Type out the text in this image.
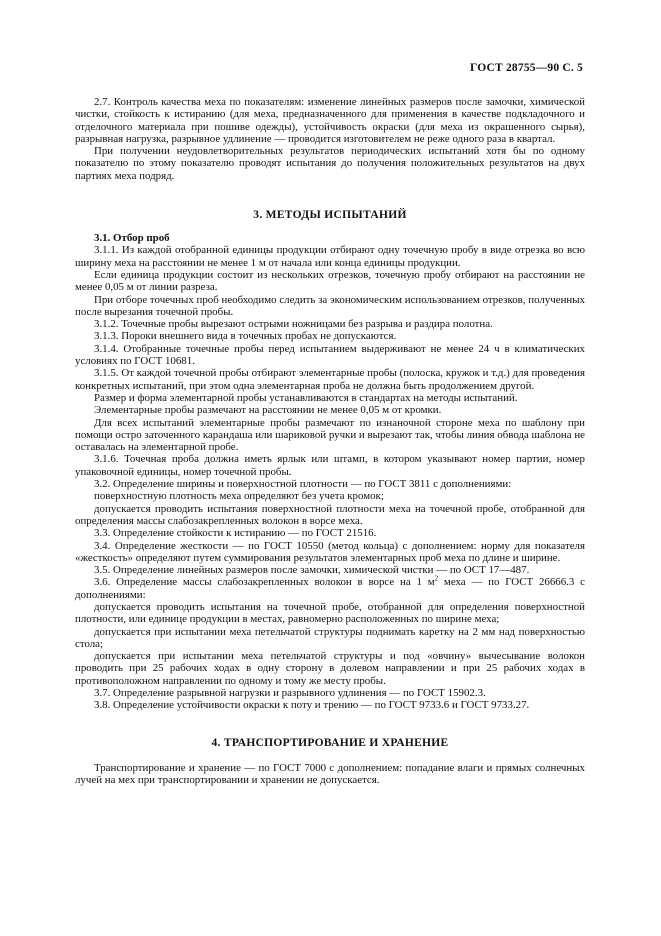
ГОСТ 28755—90 С. 5

2.7. Контроль качества меха по показателям: изменение линейных размеров после замочки, химической чистки, стойкость к истиранию (для меха, предназначенного для применения в качестве подкладочного и отделочного материала при пошиве одежды), устойчивость окраски (для меха из окрашенного сырья), разрывная нагрузка, разрывное удлинение — проводится изготовителем не реже одного раза в квартал.

При получении неудовлетворительных результатов периодических испытаний хотя бы по одному показателю по этому показателю проводят испытания до получения положительных результатов на двух партиях меха подряд.

3. МЕТОДЫ ИСПЫТАНИЙ

3.1. Отбор проб

3.1.1. Из каждой отобранной единицы продукции отбирают одну точечную пробу в виде отрезка во всю ширину меха на расстоянии не менее 1 м от начала или конца единицы продукции.

Если единица продукции состоит из нескольких отрезков, точечную пробу отбирают на расстоянии не менее 0,05 м от линии разреза.

При отборе точечных проб необходимо следить за экономическим использованием отрезков, полученных после вырезания точечной пробы.

3.1.2. Точечные пробы вырезают острыми ножницами без разрыва и раздира полотна.

3.1.3. Пороки внешнего вида в точечных пробах не допускаются.

3.1.4. Отобранные точечные пробы перед испытанием выдерживают не менее 24 ч в климатических условиях по ГОСТ 10681.

3.1.5. От каждой точечной пробы отбирают элементарные пробы (полоска, кружок и т.д.) для проведения конкретных испытаний, при этом одна элементарная проба не должна быть продолжением другой.

Размер и форма элементарной пробы устанавливаются в стандартах на методы испытаний.

Элементарные пробы размечают на расстоянии не менее 0,05 м от кромки.

Для всех испытаний элементарные пробы размечают по изнаночной стороне меха по шаблону при помощи остро заточенного карандаша или шариковой ручки и вырезают так, чтобы линия обвода шаблона не оставалась на элементарной пробе.

3.1.6. Точечная проба должна иметь ярлык или штамп, в котором указывают номер партии, номер упаковочной единицы, номер точечной пробы.

3.2. Определение ширины и поверхностной плотности — по ГОСТ 3811 с дополнениями:

поверхностную плотность меха определяют без учета кромок;

допускается проводить испытания поверхностной плотности меха на точечной пробе, отобранной для определения массы слабозакрепленных волокон в ворсе меха.

3.3. Определение стойкости к истиранию — по ГОСТ 21516.

3.4. Определение жесткости — по ГОСТ 10550 (метод кольца) с дополнением: норму для показателя «жесткость» определяют путем суммирования результатов элементарных проб меха по длине и ширине.

3.5. Определение линейных размеров после замочки, химической чистки — по ОСТ 17—487.

3.6. Определение массы слабозакрепленных волокон в ворсе на 1 $м^2$ меха — по ГОСТ 26666.3 с дополнениями:

допускается проводить испытания на точечной пробе, отобранной для определения поверхностной плотности, или единице продукции в местах, равномерно расположенных по ширине меха;

допускается при испытании меха петельчатой структуры поднимать каретку на 2 мм над поверхностью стола;

допускается при испытании меха петельчатой структуры и под «овчину» вычесывание волокон проводить при 25 рабочих ходах в одну сторону в долевом направлении и при 25 рабочих ходах в противоположном направлении по одному и тому же месту пробы.

3.7. Определение разрывной нагрузки и разрывного удлинения — по ГОСТ 15902.3.

3.8. Определение устойчивости окраски к поту и трению — по ГОСТ 9733.6 и ГОСТ 9733.27.

4. ТРАНСПОРТИРОВАНИЕ И ХРАНЕНИЕ

Транспортирование и хранение — по ГОСТ 7000 с дополнением: попадание влаги и прямых солнечных лучей на мех при транспортировании и хранении не допускается.
